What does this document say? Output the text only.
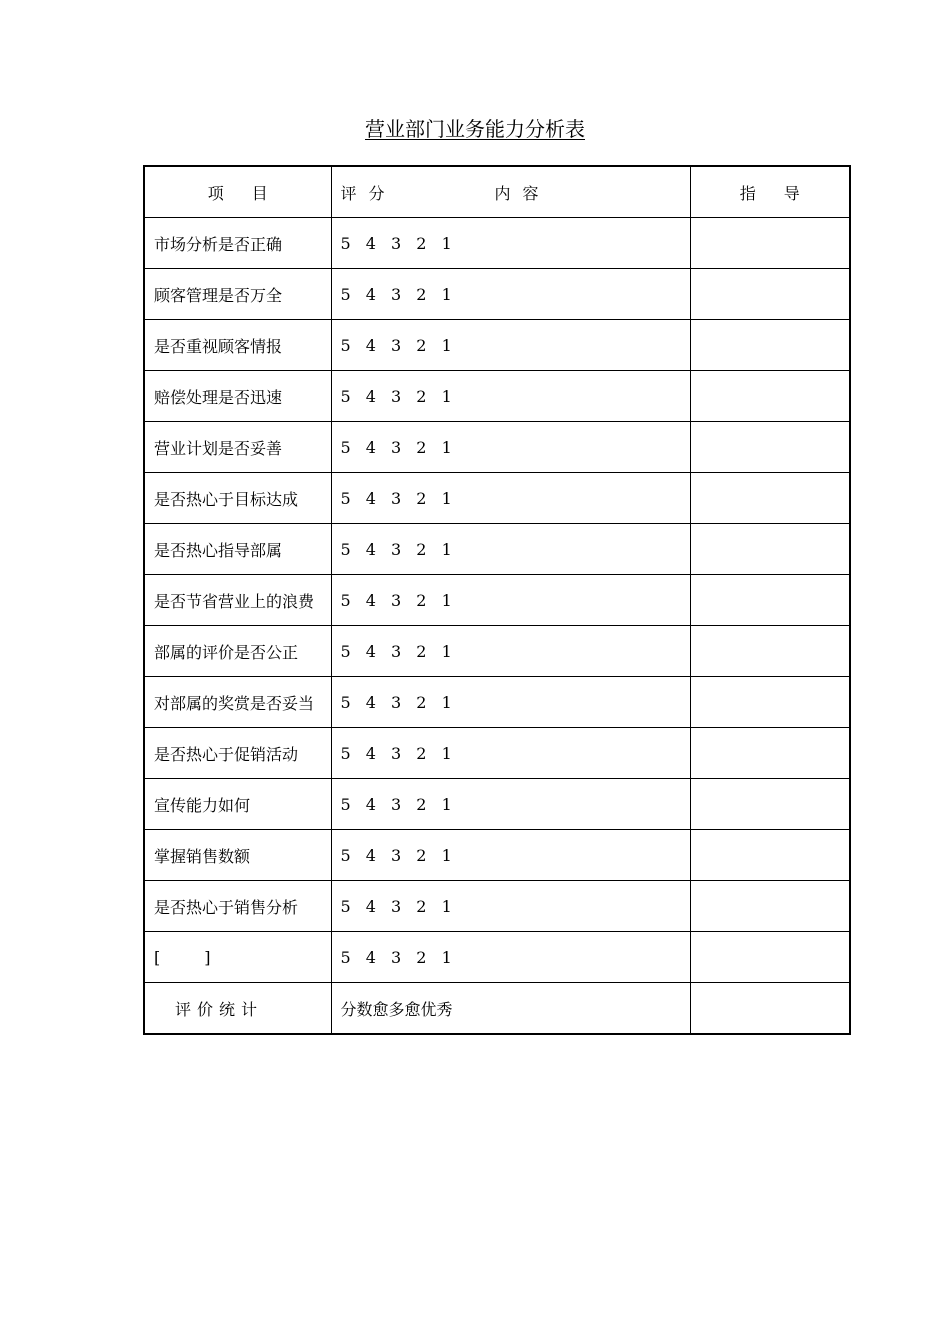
营业部门业务能力分析表
项 目	评 分 内 容	指 导
市场分析是否正确	5 4 3 2 1	
顾客管理是否万全	5 4 3 2 1	
是否重视顾客情报	5 4 3 2 1	
赔偿处理是否迅速	5 4 3 2 1	
营业计划是否妥善	5 4 3 2 1	
是否热心于目标达成	5 4 3 2 1	
是否热心指导部属	5 4 3 2 1	
是否节省营业上的浪费	5 4 3 2 1	
部属的评价是否公正	5 4 3 2 1	
对部属的奖赏是否妥当	5 4 3 2 1	
是否热心于促销活动	5 4 3 2 1	
宣传能力如何	5 4 3 2 1	
掌握销售数额	5 4 3 2 1	
是否热心于销售分析	5 4 3 2 1	
[ ]	5 4 3 2 1	
评价统计	分数愈多愈优秀	
